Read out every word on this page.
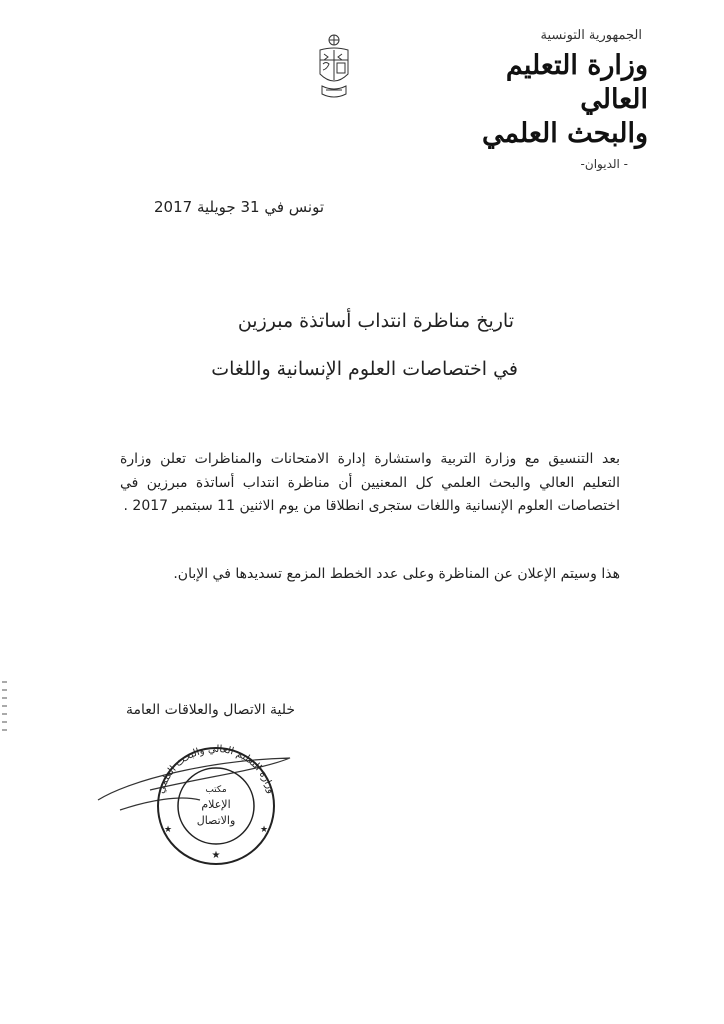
الجمهورية التونسية
وزارة التعليم العالي
والبحث العلمي
- الديوان-
تونس في 31 جويلية 2017
تاريخ مناظرة انتداب أساتذة مبرزين
في اختصاصات العلوم الإنسانية واللغات
بعد التنسيق مع وزارة التربية واستشارة إدارة الامتحانات والمناظرات تعلن وزارة التعليم العالي والبحث العلمي كل المعنيين أن مناظرة انتداب أساتذة مبرزين في اختصاصات العلوم الإنسانية واللغات ستجرى انطلاقا من يوم الاثنين 11 سبتمبر 2017 .
هذا وسيتم الإعلان عن المناظرة وعلى عدد الخطط المزمع تسديدها في الإبان.
خلية الاتصال والعلاقات العامة
وزارة التعليم العالي والبحث العلمي
مكتب
الإعلام
والاتصال
★
★	★
